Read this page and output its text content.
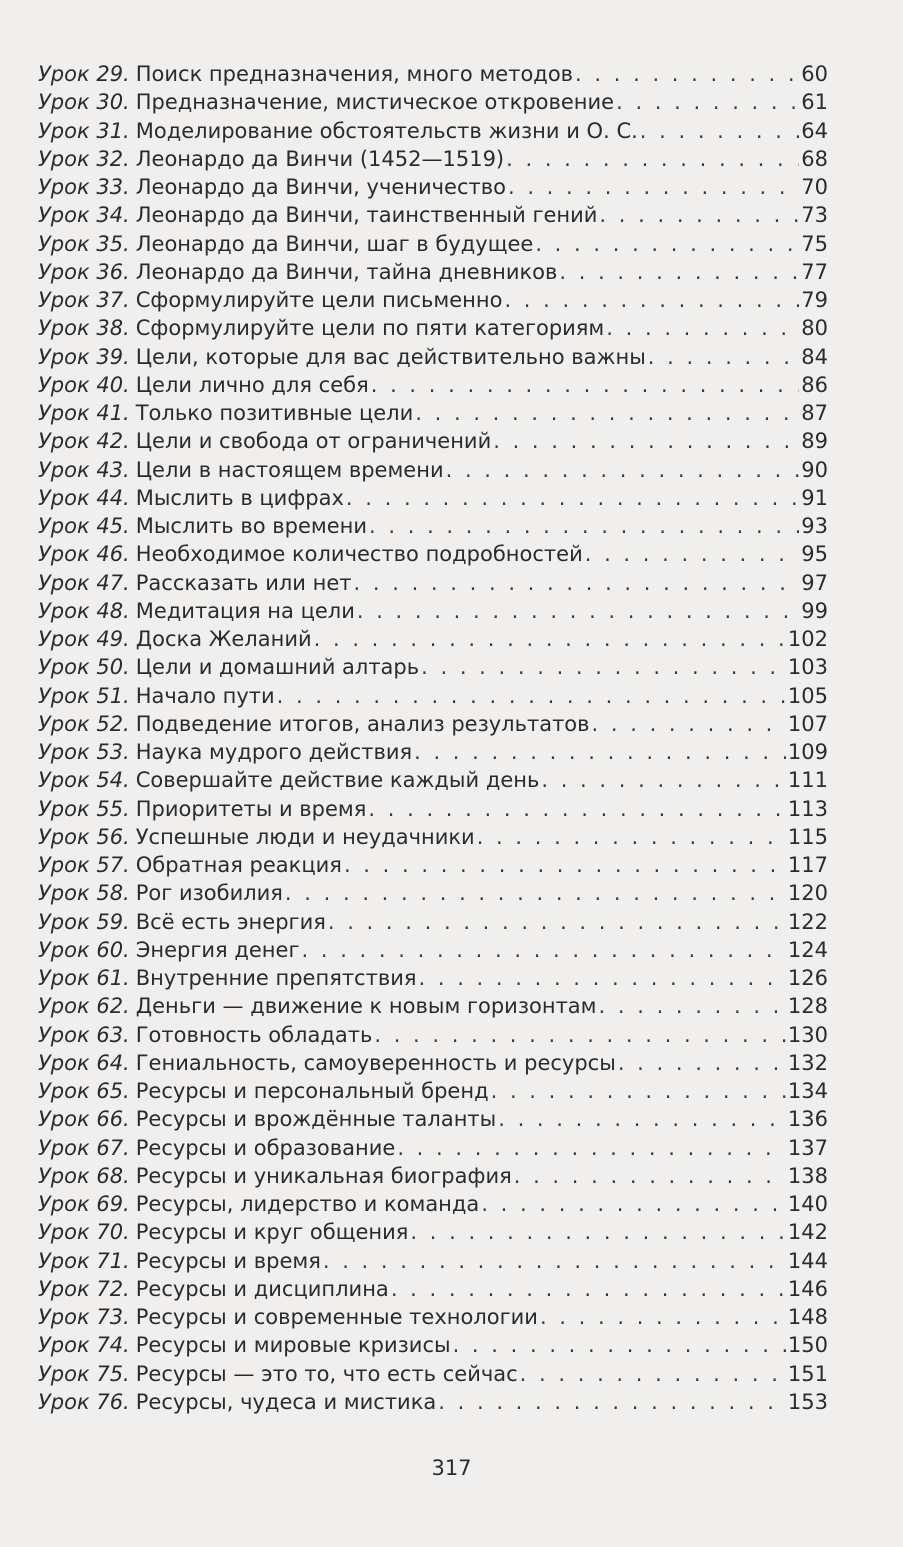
Урок 29. Поиск предназначения, много методов . . .	60
Урок 30. Предназначение, мистическое откровение . . .	61
Урок 31. Моделирование обстоятельств жизни и О. С. . . .	64
Урок 32. Леонардо да Винчи (1452—1519) . . .	68
Урок 33. Леонардо да Винчи, ученичество . . .	70
Урок 34. Леонардо да Винчи, таинственный гений . . .	73
Урок 35. Леонардо да Винчи, шаг в будущее . . .	75
Урок 36. Леонардо да Винчи, тайна дневников . . .	77
Урок 37. Сформулируйте цели письменно . . .	79
Урок 38. Сформулируйте цели по пяти категориям . . .	80
Урок 39. Цели, которые для вас действительно важны . . .	84
Урок 40. Цели лично для себя . . .	86
Урок 41. Только позитивные цели . . .	87
Урок 42. Цели и свобода от ограничений . . .	89
Урок 43. Цели в настоящем времени . . .	90
Урок 44. Мыслить в цифрах . . .	91
Урок 45. Мыслить во времени . . .	93
Урок 46. Необходимое количество подробностей . . .	95
Урок 47. Рассказать или нет . . .	97
Урок 48. Медитация на цели . . .	99
Урок 49. Доска Желаний . . .	102
Урок 50. Цели и домашний алтарь . . .	103
Урок 51. Начало пути . . .	105
Урок 52. Подведение итогов, анализ результатов . . .	107
Урок 53. Наука мудрого действия . . .	109
Урок 54. Совершайте действие каждый день . . .	111
Урок 55. Приоритеты и время . . .	113
Урок 56. Успешные люди и неудачники . . .	115
Урок 57. Обратная реакция . . .	117
Урок 58. Рог изобилия . . .	120
Урок 59. Всё есть энергия . . .	122
Урок 60. Энергия денег . . .	124
Урок 61. Внутренние препятствия . . .	126
Урок 62. Деньги — движение к новым горизонтам . . .	128
Урок 63. Готовность обладать . . .	130
Урок 64. Гениальность, самоуверенность и ресурсы . . .	132
Урок 65. Ресурсы и персональный бренд . . .	134
Урок 66. Ресурсы и врождённые таланты . . .	136
Урок 67. Ресурсы и образование . . .	137
Урок 68. Ресурсы и уникальная биография . . .	138
Урок 69. Ресурсы, лидерство и команда . . .	140
Урок 70. Ресурсы и круг общения . . .	142
Урок 71. Ресурсы и время . . .	144
Урок 72. Ресурсы и дисциплина . . .	146
Урок 73. Ресурсы и современные технологии . . .	148
Урок 74. Ресурсы и мировые кризисы . . .	150
Урок 75. Ресурсы — это то, что есть сейчас . . .	151
Урок 76. Ресурсы, чудеса и мистика . . .	153
317
